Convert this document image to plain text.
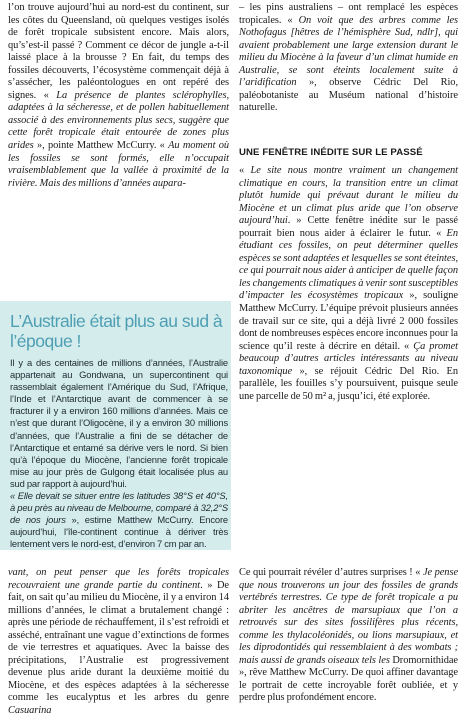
l’on trouve aujourd’hui au nord-est du continent, sur les côtes du Queensland, où quelques vestiges isolés de forêt tropicale subsistent encore. Mais alors, qu’s’est-il passé ? Comment ce décor de jungle a-t-il laissé place à la brousse ? En fait, du temps des fossiles découverts, l’écosystème commençait déjà à s’assécher, les paléontologues en ont repéré des signes. « La présence de plantes sclérophylles, adaptées à la sécheresse, et de pollen habituellement associé à des environnements plus secs, suggère que cette forêt tropicale était entourée de zones plus arides », pointe Matthew McCurry. « Au moment où les fossiles se sont formés, elle n’occupait vraisemblablement que la vallée à proximité de la rivière. Mais des millions d’années aupara-

– les pins australiens – ont remplacé les espèces tropicales. « On voit que des arbres comme les Nothofagus [hêtres de l’hémisphère Sud, ndlr], qui avaient probablement une large extension durant le milieu du Miocène à la faveur d’un climat humide en Australie, se sont éteints localement suite à l’aridification », observe Cédric Del Rio, paléobotaniste au Muséum national d’histoire naturelle.

UNE FENÊTRE INÉDITE SUR LE PASSÉ

« Le site nous montre vraiment un changement climatique en cours, la transition entre un climat plutôt humide qui prévaut durant le milieu du Miocène et un climat plus aride que l’on observe aujourd’hui. » Cette fenêtre inédite sur le passé pourrait bien nous aider à éclairer le futur. « En étudiant ces fossiles, on peut déterminer quelles espèces se sont adaptées et lesquelles se sont éteintes, ce qui pourrait nous aider à anticiper de quelle façon les changements climatiques à venir sont susceptibles d’impacter les écosystèmes tropicaux », souligne Matthew McCurry. L’équipe prévoit plusieurs années de travail sur ce site, qui a déjà livré 2 000 fossiles dont de nombreuses espèces encore inconnues pour la science qu’il reste à décrire en détail. « Ça promet beaucoup d’autres articles intéressants au niveau taxonomique », se réjouit Cédric Del Rio. En parallèle, les fouilles s’y poursuivent, puisque seule une parcelle de 50 m² a, jusqu’ici, été explorée.

L’Australie était plus au sud à l’époque !

Il y a des centaines de millions d’années, l’Australie appartenait au Gondwana, un supercontinent qui rassemblait également l’Amérique du Sud, l’Afrique, l’Inde et l’Antarctique avant de commencer à se fracturer il y a environ 160 millions d’années. Mais ce n’est que durant l’Oligocène, il y a environ 30 millions d’années, que l’Australie a fini de se détacher de l’Antarctique et entamé sa dérive vers le nord. Si bien qu’à l’époque du Miocène, l’ancienne forêt tropicale mise au jour près de Gulgong était localisée plus au sud par rapport à aujourd’hui.
« Elle devait se situer entre les latitudes 38°S et 40°S, à peu près au niveau de Melbourne, comparé à 32,2°S de nos jours », estime Matthew McCurry. Encore aujourd’hui, l’île-continent continue à dériver très lentement vers le nord-est, d’environ 7 cm par an.

vant, on peut penser que les forêts tropicales recouvraient une grande partie du continent. » De fait, on sait qu’au milieu du Miocène, il y a environ 14 millions d’années, le climat a brutalement changé : après une période de réchauffement, il s’est refroidi et asséché, entraînant une vague d’extinctions de formes de vie terrestres et aquatiques. Avec la baisse des précipitations, l’Australie est progressivement devenue plus aride durant la deuxième moitié du Miocène, et des espèces adaptées à la sécheresse comme les eucalyptus et les arbres du genre Casuarina

Ce qui pourrait révéler d’autres surprises ! « Je pense que nous trouverons un jour des fossiles de grands vertébrés terrestres. Ce type de forêt tropicale a pu abriter les ancêtres de marsupiaux que l’on a retrouvés sur des sites fossilifères plus récents, comme les thylacoléonidés, ou lions marsupiaux, et les diprodontidés qui ressemblaient à des wombats ; mais aussi de grands oiseaux tels les Dromornithidae », rêve Matthew McCurry. De quoi affiner davantage le portrait de cette incroyable forêt oubliée, et y perdre plus profondément encore.
